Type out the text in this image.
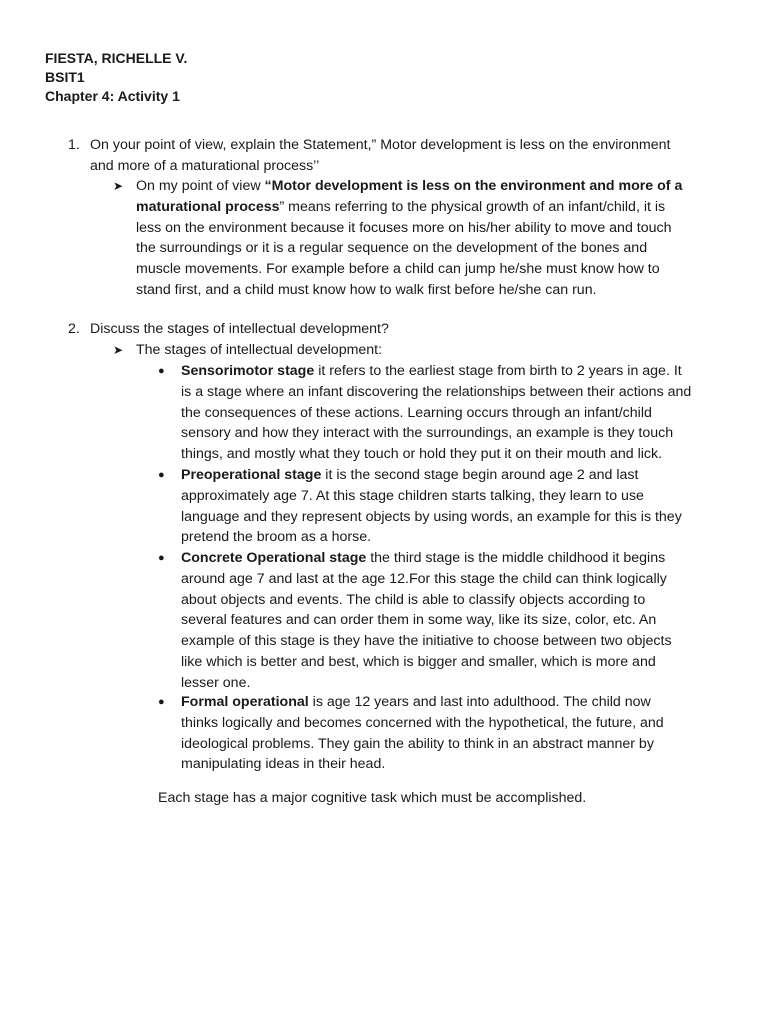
FIESTA, RICHELLE V.
BSIT1
Chapter 4: Activity 1
1. On your point of view, explain the Statement,” Motor development is less on the environment
and more of a maturational process’’
➤ On my point of view “Motor development is less on the environment and more of a
maturational process” means referring to the physical growth of an infant/child, it is
less on the environment because it focuses more on his/her ability to move and touch
the surroundings or it is a regular sequence on the development of the bones and
muscle movements. For example before a child can jump he/she must know how to
stand first, and a child must know how to walk first before he/she can run.
2. Discuss the stages of intellectual development?
➤ The stages of intellectual development:
●	Sensorimotor stage it refers to the earliest stage from birth to 2 years in age. It
is a stage where an infant discovering the relationships between their actions and
the consequences of these actions. Learning occurs through an infant/child
sensory and how they interact with the surroundings, an example is they touch
things, and mostly what they touch or hold they put it on their mouth and lick.
●	Preoperational stage it is the second stage begin around age 2 and last
approximately age 7. At this stage children starts talking, they learn to use
language and they represent objects by using words, an example for this is they
pretend the broom as a horse.
●	Concrete Operational stage the third stage is the middle childhood it begins
around age 7 and last at the age 12.For this stage the child can think logically
about objects and events. The child is able to classify objects according to
several features and can order them in some way, like its size, color, etc. An
example of this stage is they have the initiative to choose between two objects
like which is better and best, which is bigger and smaller, which is more and
lesser one.
●	Formal operational is age 12 years and last into adulthood. The child now
thinks logically and becomes concerned with the hypothetical, the future, and
ideological problems. They gain the ability to think in an abstract manner by
manipulating ideas in their head.
Each stage has a major cognitive task which must be accomplished.
